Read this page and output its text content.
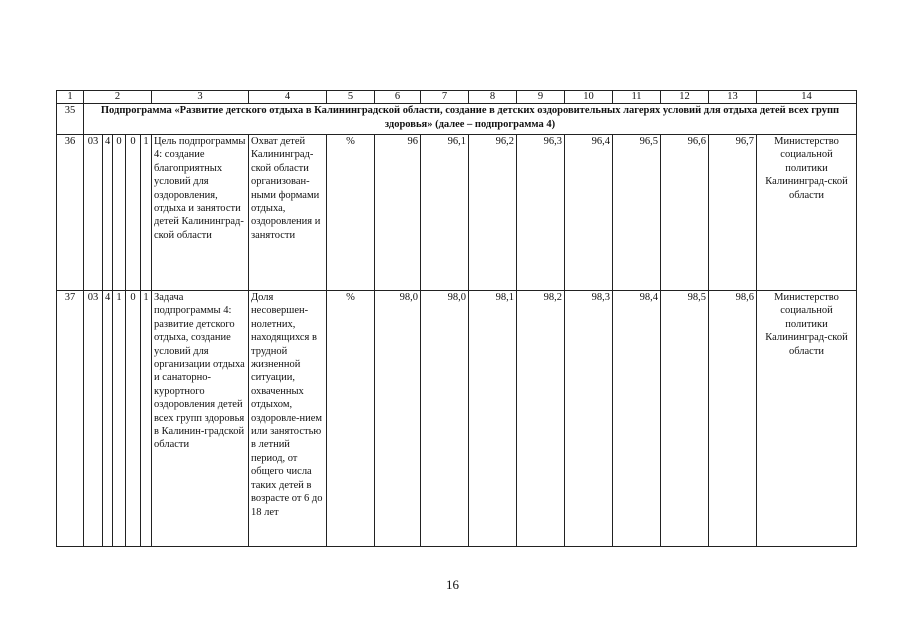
1	2					3	4	5	6	7	8	9	10	11	12	13	14
35	Подпрограмма «Развитие детского отдыха в Калининградской области, создание в детских оздоровительных лагерях условий для отдыха детей всех групп здоровья» (далее – подпрограмма 4)																
36	03	4	0	0	1	Цель подпрограммы 4: создание благоприятных условий для оздоровления, отдыха и занятости детей Калининград-ской области	Охват детей Калининград-ской области организован-ными формами отдыха, оздоровления и занятости	%	96	96,1	96,2	96,3	96,4	96,5	96,6	96,7	Министерство социальной политики Калининград-ской области
37	03	4	1	0	1	Задача подпрограммы 4: развитие детского отдыха, создание условий для организации отдыха и санаторно-курортного оздоровления детей всех групп здоровья в Калинин-градской области	Доля несовершен-нолетних, находящихся в трудной жизненной ситуации, охваченных отдыхом, оздоровле-нием или занятостью в летний период, от общего числа таких детей в возрасте от 6 до 18 лет	%	98,0	98,0	98,1	98,2	98,3	98,4	98,5	98,6	Министерство социальной политики Калининград-ской области
16
